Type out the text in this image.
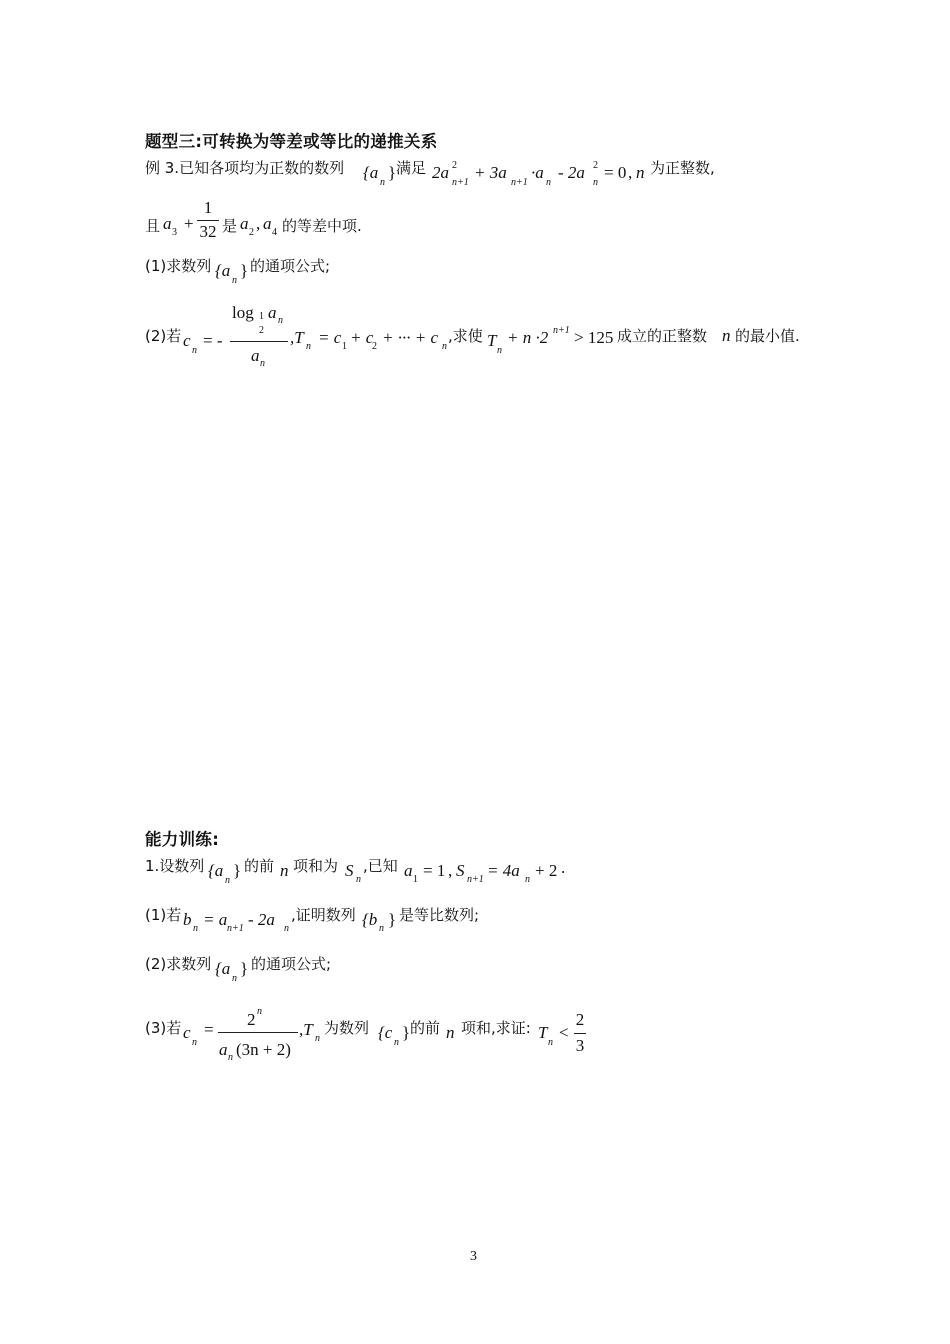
题型三:可转换为等差或等比的递推关系
例 3.已知各项均为正数的数列 {a
n
} 满足 2a 2
n+1
+ 3a
n+1
·a
n
- 2a 2
n
= 0 , n 为正整数,
且 a 3 +
1
32 是 a 2 , a 4 的等差中项.
(1)求数列 {a
n
} 的通项公式;
(2)若 c
n
= -
log 1
2
a n
a n
,T n = c 1 + c
2 + ··· + c n
,求使 T
n
+ n ·2 n+1 > 125 成立的正整数 n 的最小值.
能力训练:
1.设数列 {a
n
} 的前 n 项和为 S n
,已知 a 1 = 1 , S n+1 = 4a n + 2 .
(1)若 b n = a n+1 - 2a n
,证明数列 {b n } 是等比数列;
(2)求数列 {a
n
} 的通项公式;
(3)若 c
n
=
2 n
a n (3n + 2)
,T n
为数列 {c
n
} 的前 n 项和,求证: T
n
<
2
3
3
